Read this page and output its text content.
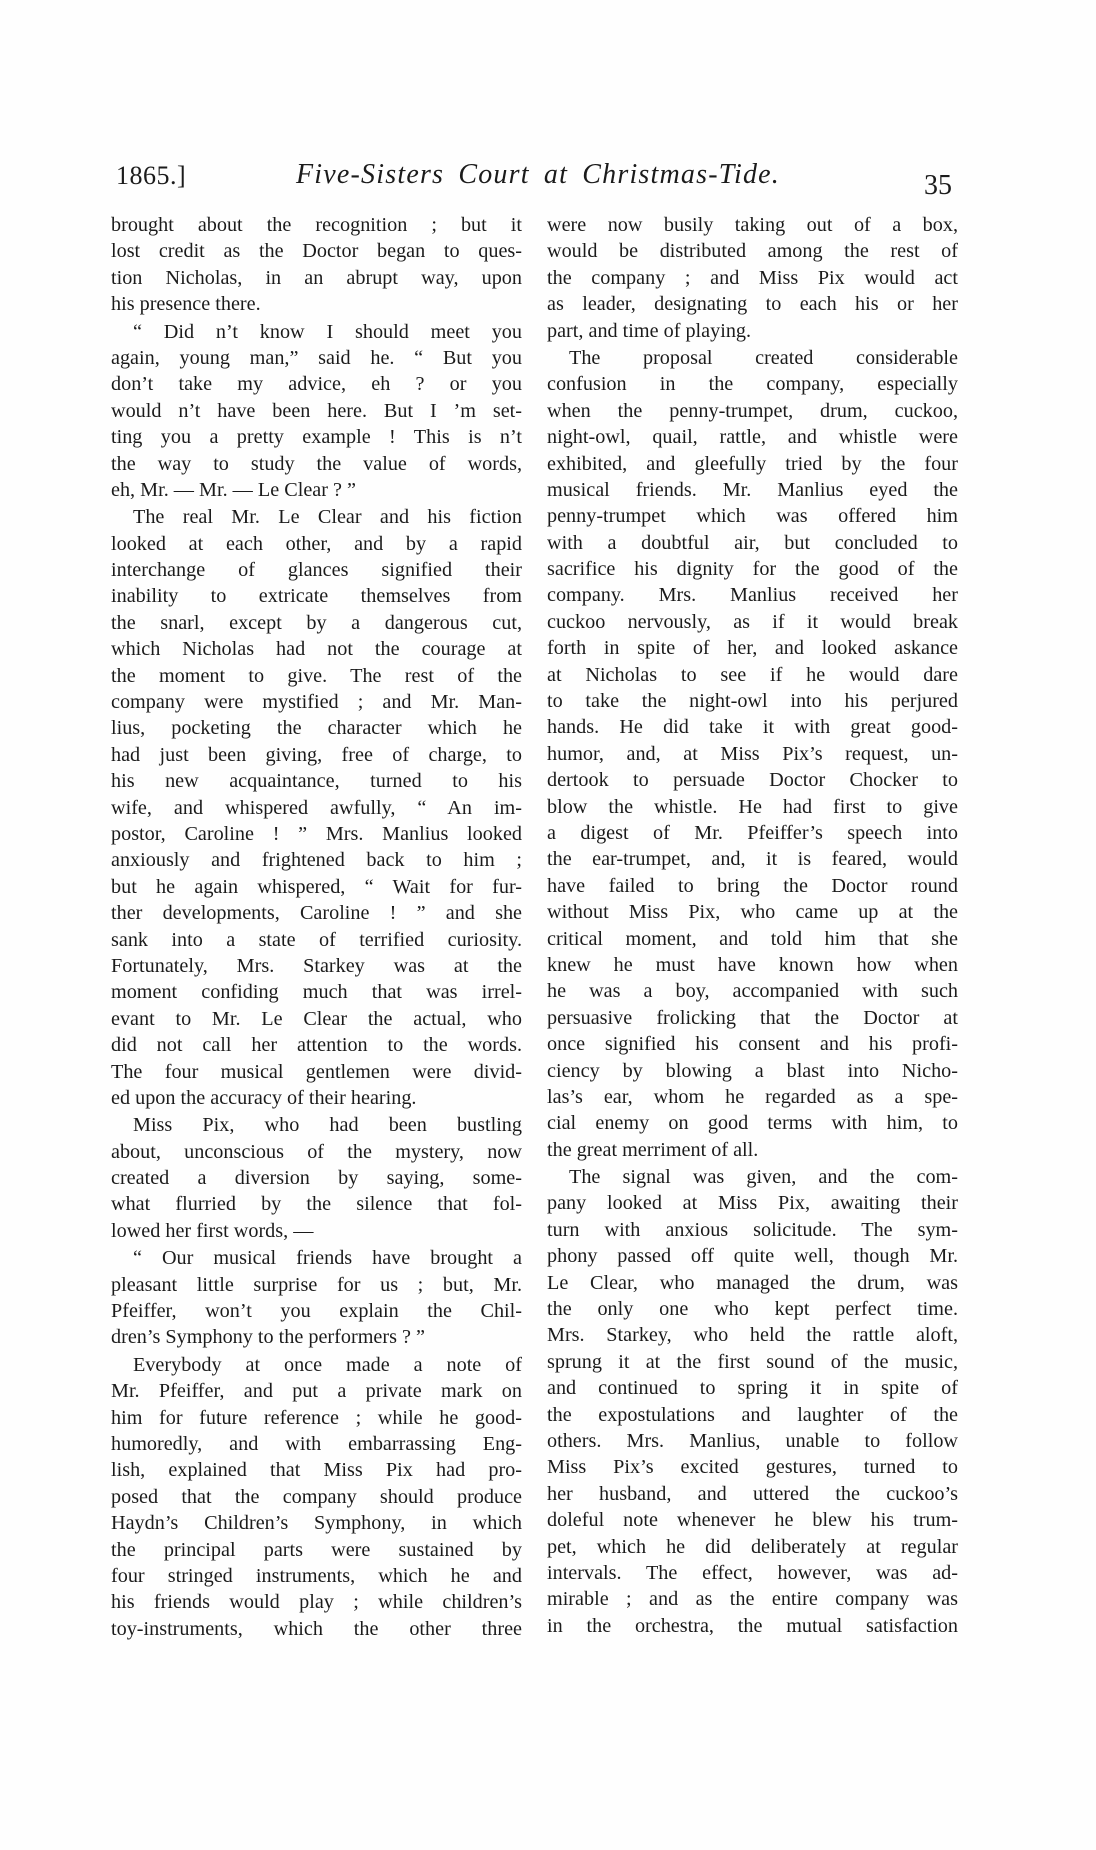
1865.]	Five-Sisters Court at Christmas-Tide.	35
brought about the recognition ; but it
lost credit as the Doctor began to ques-
tion Nicholas, in an abrupt way, upon
his presence there.
“ Did n’t know I should meet you
again, young man,” said he. “ But you
don’t take my advice, eh ? or you
would n’t have been here. But I ’m set-
ting you a pretty example ! This is n’t
the way to study the value of words,
eh, Mr. — Mr. — Le Clear ? ”
The real Mr. Le Clear and his fiction
looked at each other, and by a rapid
interchange of glances signified their
inability to extricate themselves from
the snarl, except by a dangerous cut,
which Nicholas had not the courage at
the moment to give. The rest of the
company were mystified ; and Mr. Man-
lius, pocketing the character which he
had just been giving, free of charge, to
his new acquaintance, turned to his
wife, and whispered awfully, “ An im-
postor, Caroline ! ” Mrs. Manlius looked
anxiously and frightened back to him ;
but he again whispered, “ Wait for fur-
ther developments, Caroline ! ” and she
sank into a state of terrified curiosity.
Fortunately, Mrs. Starkey was at the
moment confiding much that was irrel-
evant to Mr. Le Clear the actual, who
did not call her attention to the words.
The four musical gentlemen were divid-
ed upon the accuracy of their hearing.
Miss Pix, who had been bustling
about, unconscious of the mystery, now
created a diversion by saying, some-
what flurried by the silence that fol-
lowed her first words, —
“ Our musical friends have brought a
pleasant little surprise for us ; but, Mr.
Pfeiffer, won’t you explain the Chil-
dren’s Symphony to the performers ? ”
Everybody at once made a note of
Mr. Pfeiffer, and put a private mark on
him for future reference ; while he good-
humoredly, and with embarrassing Eng-
lish, explained that Miss Pix had pro-
posed that the company should produce
Haydn’s Children’s Symphony, in which
the principal parts were sustained by
four stringed instruments, which he and
his friends would play ; while children’s
toy-instruments, which the other three
were now busily taking out of a box,
would be distributed among the rest of
the company ; and Miss Pix would act
as leader, designating to each his or her
part, and time of playing.
The proposal created considerable
confusion in the company, especially
when the penny-trumpet, drum, cuckoo,
night-owl, quail, rattle, and whistle were
exhibited, and gleefully tried by the four
musical friends. Mr. Manlius eyed the
penny-trumpet which was offered him
with a doubtful air, but concluded to
sacrifice his dignity for the good of the
company. Mrs. Manlius received her
cuckoo nervously, as if it would break
forth in spite of her, and looked askance
at Nicholas to see if he would dare
to take the night-owl into his perjured
hands. He did take it with great good-
humor, and, at Miss Pix’s request, un-
dertook to persuade Doctor Chocker to
blow the whistle. He had first to give
a digest of Mr. Pfeiffer’s speech into
the ear-trumpet, and, it is feared, would
have failed to bring the Doctor round
without Miss Pix, who came up at the
critical moment, and told him that she
knew he must have known how when
he was a boy, accompanied with such
persuasive frolicking that the Doctor at
once signified his consent and his profi-
ciency by blowing a blast into Nicho-
las’s ear, whom he regarded as a spe-
cial enemy on good terms with him, to
the great merriment of all.
The signal was given, and the com-
pany looked at Miss Pix, awaiting their
turn with anxious solicitude. The sym-
phony passed off quite well, though Mr.
Le Clear, who managed the drum, was
the only one who kept perfect time.
Mrs. Starkey, who held the rattle aloft,
sprung it at the first sound of the music,
and continued to spring it in spite of
the expostulations and laughter of the
others. Mrs. Manlius, unable to follow
Miss Pix’s excited gestures, turned to
her husband, and uttered the cuckoo’s
doleful note whenever he blew his trum-
pet, which he did deliberately at regular
intervals. The effect, however, was ad-
mirable ; and as the entire company was
in the orchestra, the mutual satisfaction
